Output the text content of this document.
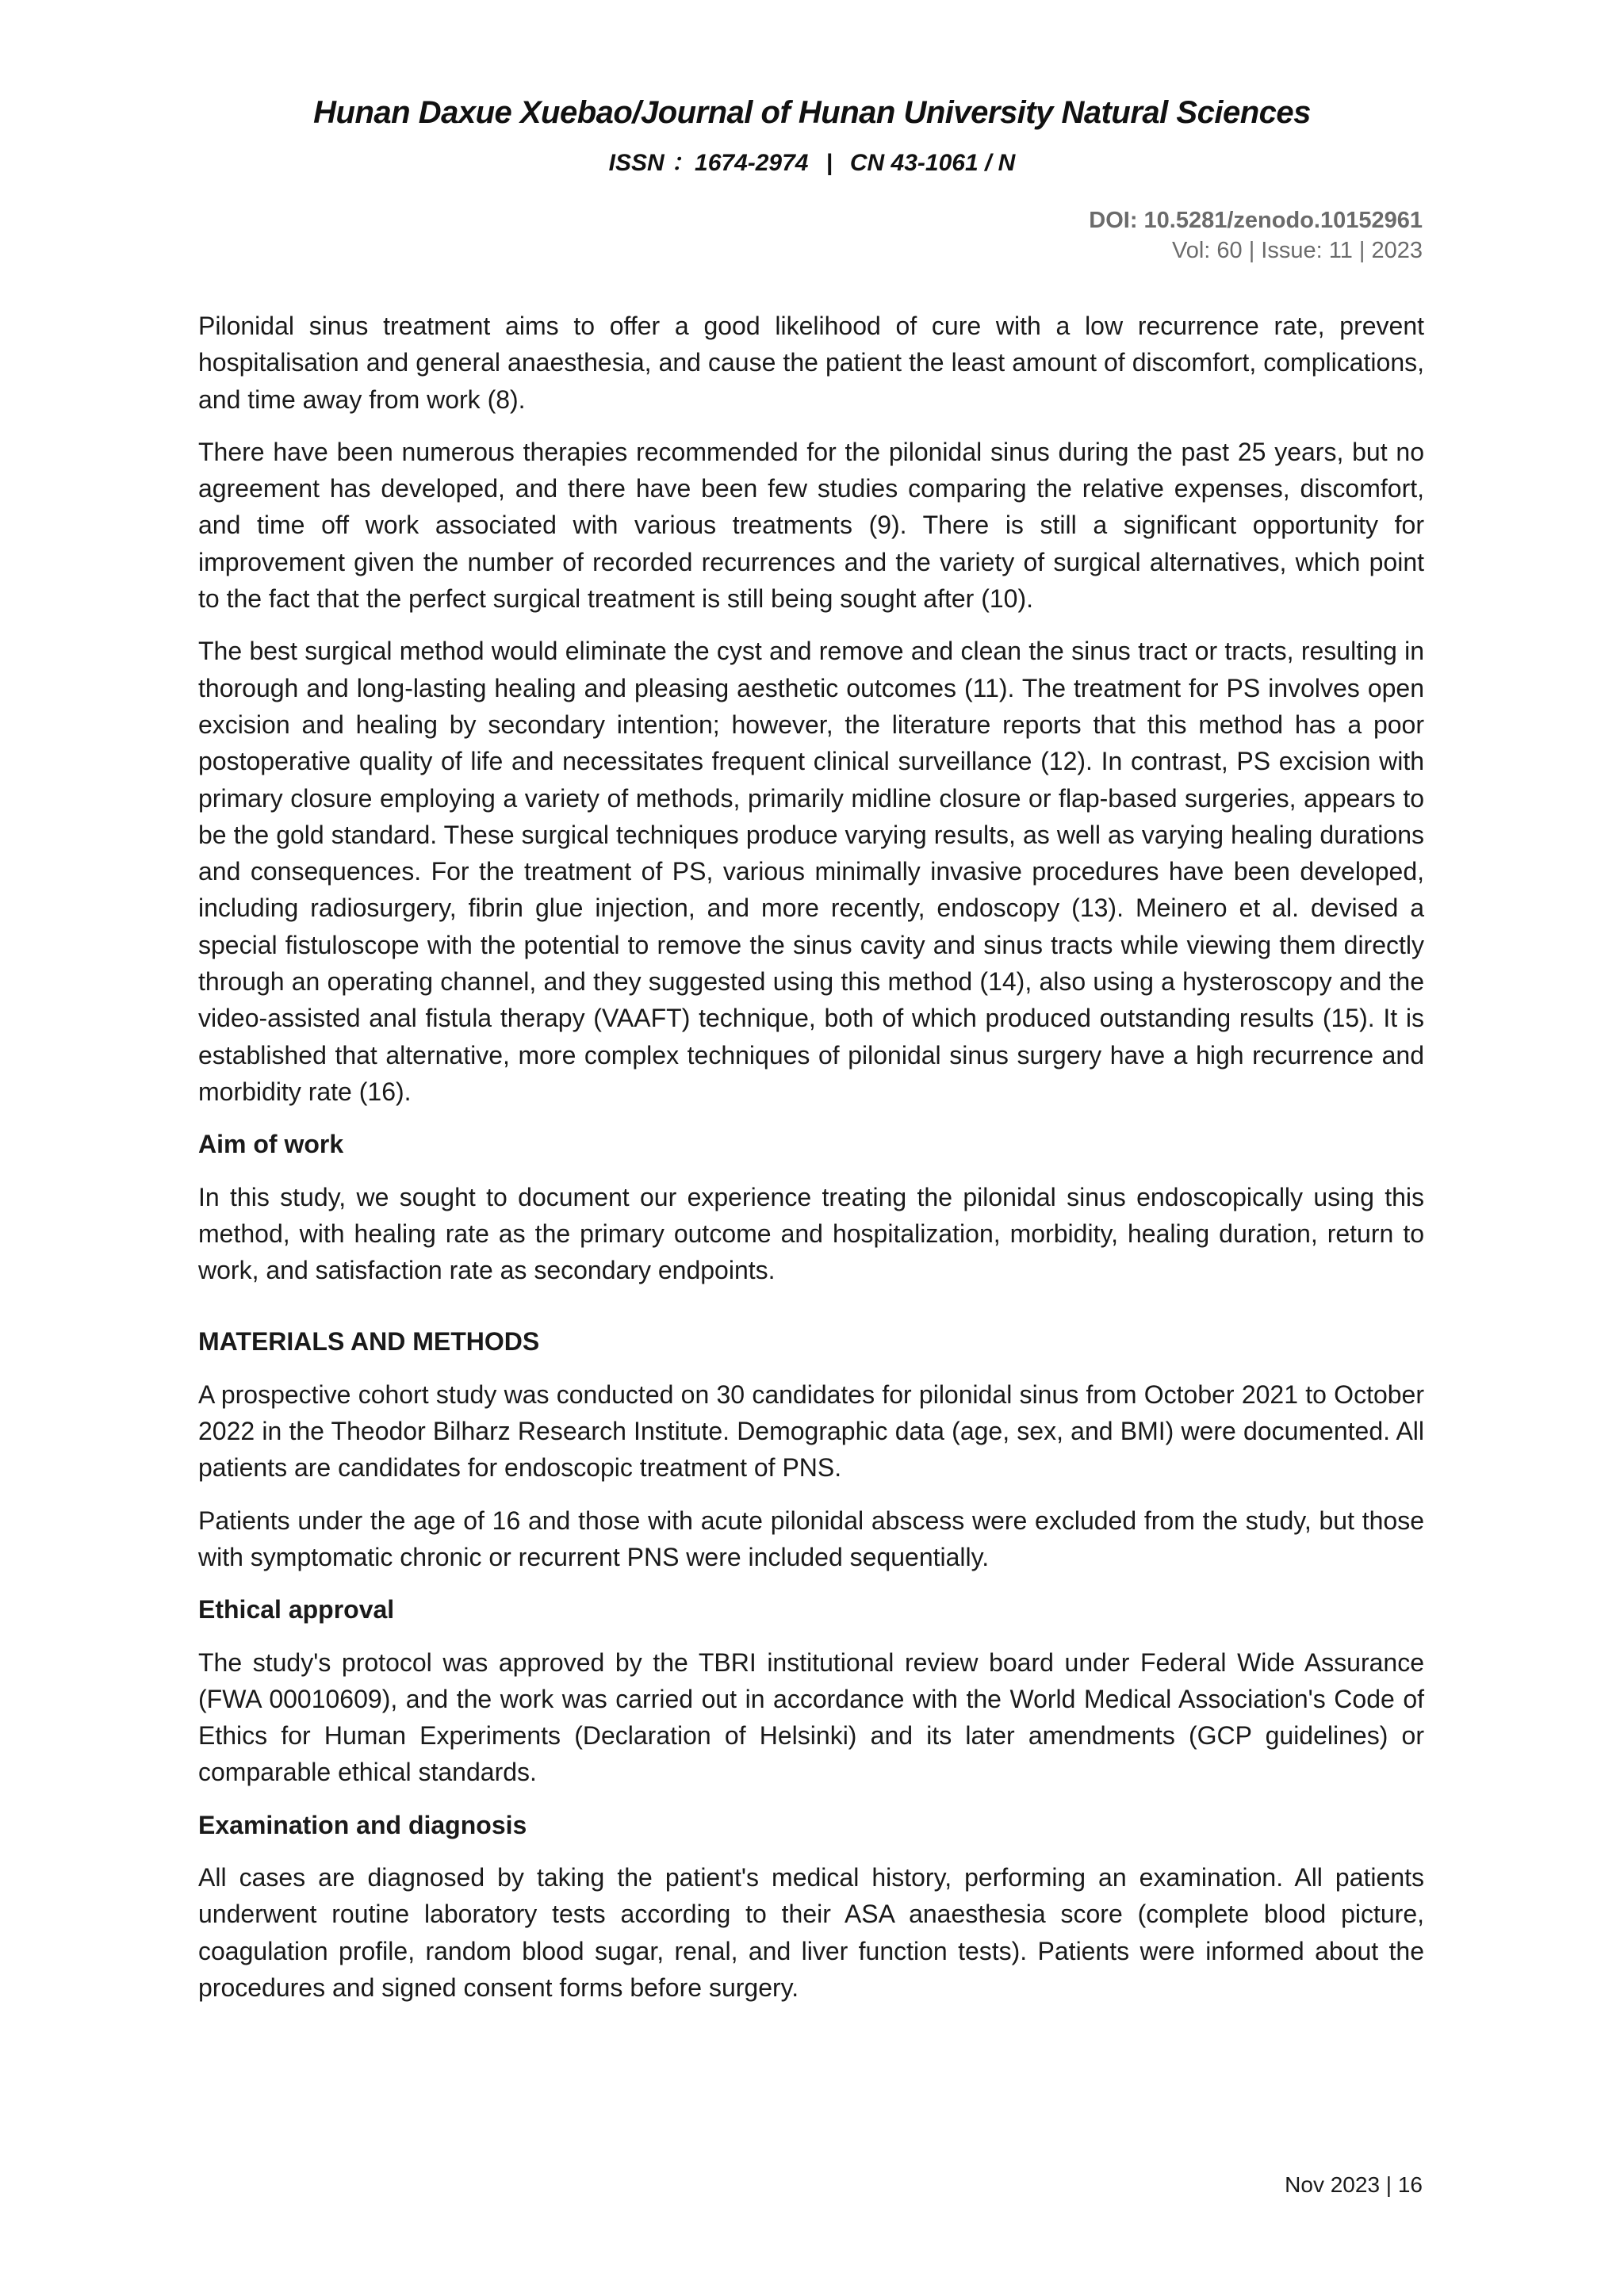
Hunan Daxue Xuebao/Journal of Hunan University Natural Sciences
ISSN ：1674-2974 | CN 43-1061 / N
DOI: 10.5281/zenodo.10152961
Vol: 60 | Issue: 11 | 2023

Pilonidal sinus treatment aims to offer a good likelihood of cure with a low recurrence rate, prevent hospitalisation and general anaesthesia, and cause the patient the least amount of discomfort, complications, and time away from work (8).

There have been numerous therapies recommended for the pilonidal sinus during the past 25 years, but no agreement has developed, and there have been few studies comparing the relative expenses, discomfort, and time off work associated with various treatments (9). There is still a significant opportunity for improvement given the number of recorded recurrences and the variety of surgical alternatives, which point to the fact that the perfect surgical treatment is still being sought after (10).

The best surgical method would eliminate the cyst and remove and clean the sinus tract or tracts, resulting in thorough and long-lasting healing and pleasing aesthetic outcomes (11). The treatment for PS involves open excision and healing by secondary intention; however, the literature reports that this method has a poor postoperative quality of life and necessitates frequent clinical surveillance (12). In contrast, PS excision with primary closure employing a variety of methods, primarily midline closure or flap-based surgeries, appears to be the gold standard. These surgical techniques produce varying results, as well as varying healing durations and consequences. For the treatment of PS, various minimally invasive procedures have been developed, including radiosurgery, fibrin glue injection, and more recently, endoscopy (13). Meinero et al. devised a special fistuloscope with the potential to remove the sinus cavity and sinus tracts while viewing them directly through an operating channel, and they suggested using this method (14), also using a hysteroscopy and the video-assisted anal fistula therapy (VAAFT) technique, both of which produced outstanding results (15). It is established that alternative, more complex techniques of pilonidal sinus surgery have a high recurrence and morbidity rate (16).

Aim of work

In this study, we sought to document our experience treating the pilonidal sinus endoscopically using this method, with healing rate as the primary outcome and hospitalization, morbidity, healing duration, return to work, and satisfaction rate as secondary endpoints.

MATERIALS AND METHODS

A prospective cohort study was conducted on 30 candidates for pilonidal sinus from October 2021 to October 2022 in the Theodor Bilharz Research Institute. Demographic data (age, sex, and BMI) were documented. All patients are candidates for endoscopic treatment of PNS.

Patients under the age of 16 and those with acute pilonidal abscess were excluded from the study, but those with symptomatic chronic or recurrent PNS were included sequentially.

Ethical approval

The study's protocol was approved by the TBRI institutional review board under Federal Wide Assurance (FWA 00010609), and the work was carried out in accordance with the World Medical Association's Code of Ethics for Human Experiments (Declaration of Helsinki) and its later amendments (GCP guidelines) or comparable ethical standards.

Examination and diagnosis

All cases are diagnosed by taking the patient's medical history, performing an examination. All patients underwent routine laboratory tests according to their ASA anaesthesia score (complete blood picture, coagulation profile, random blood sugar, renal, and liver function tests). Patients were informed about the procedures and signed consent forms before surgery.

Nov 2023 | 16
